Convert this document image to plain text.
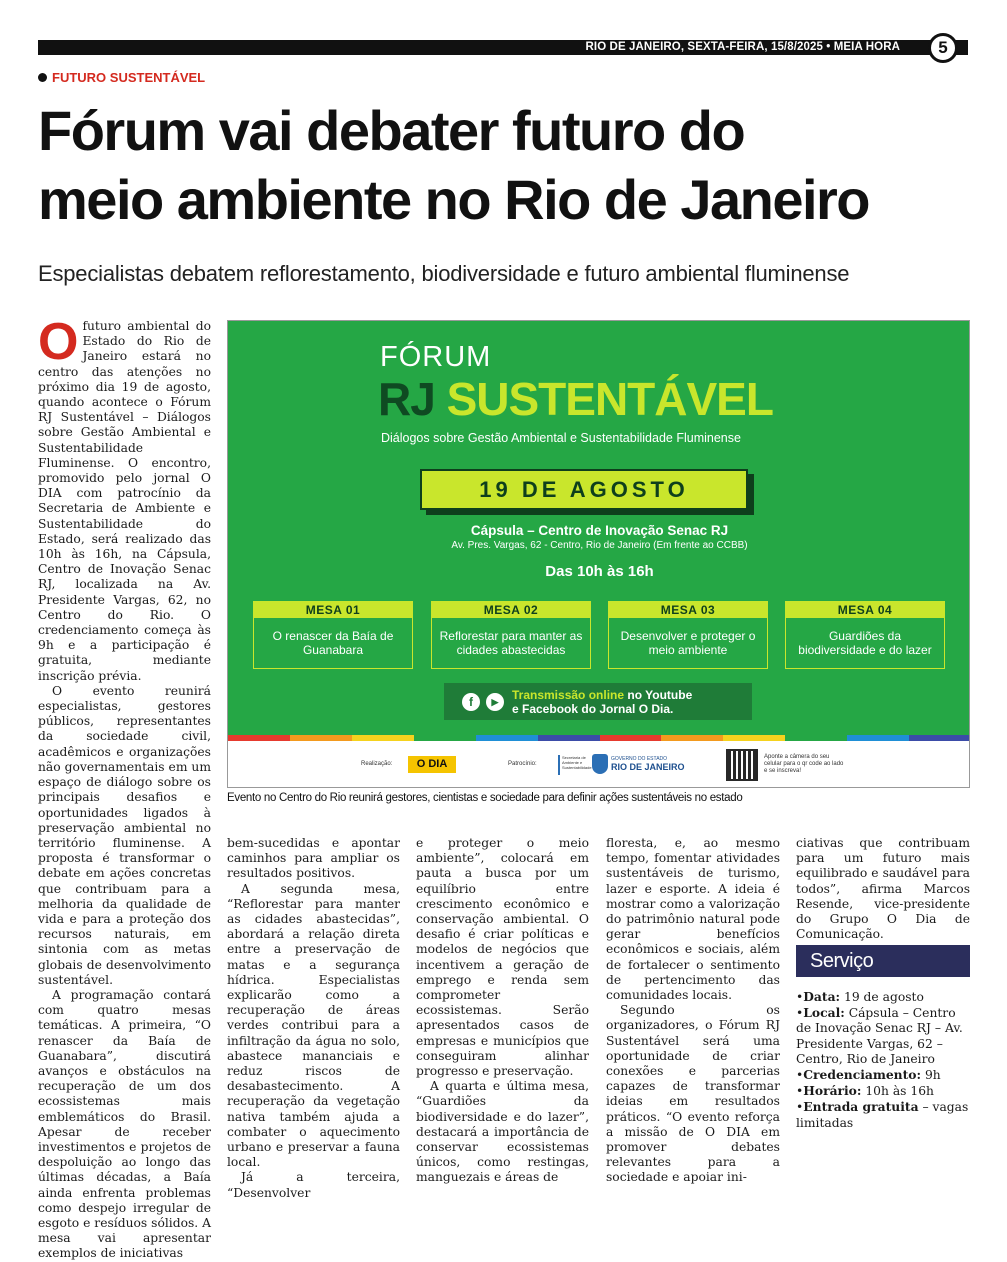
RIO DE JANEIRO, SEXTA-FEIRA, 15/8/2025 • MEIA HORA	5
FUTURO SUSTENTÁVEL
Fórum vai debater futuro do
meio ambiente no Rio de Janeiro
Especialistas debatem reflorestamento, biodiversidade e futuro ambiental fluminense

Ofuturo ambiental do Estado do Rio de Janeiro estará no centro das atenções no próximo dia 19 de agosto, quando acontece o Fórum RJ Sustentável – Diálogos sobre Gestão Ambiental e Sustentabilidade Fluminense. O encontro, promovido pelo jornal O DIA com patrocínio da Secretaria de Ambiente e Sustentabilidade do Estado, será realizado das 10h às 16h, na Cápsula, Centro de Inovação Senac RJ, localizada na Av. Presidente Vargas, 62, no Centro do Rio. O credenciamento começa às 9h e a participação é gratuita, mediante inscrição prévia.

O evento reunirá especialistas, gestores públicos, representantes da sociedade civil, acadêmicos e organizações não governamentais em um espaço de diálogo sobre os principais desafios e oportunidades ligados à preservação ambiental no território fluminense. A proposta é transformar o debate em ações concretas que contribuam para a melhoria da qualidade de vida e para a proteção dos recursos naturais, em sintonia com as metas globais de desenvolvimento sustentável.

A programação contará com quatro mesas temáticas. A primeira, “O renascer da Baía de Guanabara”, discutirá avanços e obstáculos na recuperação de um dos ecossistemas mais emblemáticos do Brasil. Apesar de receber investimentos e projetos de despoluição ao longo das últimas décadas, a Baía ainda enfrenta problemas como despejo irregular de esgoto e resíduos sólidos. A mesa vai apresentar exemplos de iniciativas

FÓRUM
RJ SUSTENTÁVEL
Diálogos sobre Gestão Ambiental e Sustentabilidade Fluminense
19 DE AGOSTO
Cápsula – Centro de Inovação Senac RJ
Av. Pres. Vargas, 62 - Centro, Rio de Janeiro (Em frente ao CCBB)
Das 10h às 16h
MESA 01
O renascer da Baía de Guanabara
MESA 02
Reflorestar para manter as cidades abastecidas
MESA 03
Desenvolver e proteger o meio ambiente
MESA 04
Guardiões da biodiversidade e do lazer
f	▶	Transmissão online no Youtube
e Facebook do Jornal O Dia.
Realização:	O DIA	Patrocínio:
Secretaria de Ambiente e Sustentabilidade
GOVERNO DO ESTADO
RIO DE JANEIRO
Aponte a câmera do seu celular para o qr code ao lado e se inscreva!
Evento no Centro do Rio reunirá gestores, cientistas e sociedade para definir ações sustentáveis no estado

bem-sucedidas e apontar caminhos para ampliar os resultados positivos.

A segunda mesa, “Reflorestar para manter as cidades abastecidas”, abordará a relação direta entre a preservação de matas e a segurança hídrica. Especialistas explicarão como a recuperação de áreas verdes contribui para a infiltração da água no solo, abastece mananciais e reduz riscos de desabastecimento. A recuperação da vegetação nativa também ajuda a combater o aquecimento urbano e preservar a fauna local.

Já a terceira, “Desenvolver

e proteger o meio ambiente”, colocará em pauta a busca por um equilíbrio entre crescimento econômico e conservação ambiental. O desafio é criar políticas e modelos de negócios que incentivem a geração de emprego e renda sem comprometer ecossistemas. Serão apresentados casos de empresas e municípios que conseguiram alinhar progresso e preservação.

A quarta e última mesa, “Guardiões da biodiversidade e do lazer”, destacará a importância de conservar ecossistemas únicos, como restingas, manguezais e áreas de

floresta, e, ao mesmo tempo, fomentar atividades sustentáveis de turismo, lazer e esporte. A ideia é mostrar como a valorização do patrimônio natural pode gerar benefícios econômicos e sociais, além de fortalecer o sentimento de pertencimento das comunidades locais.

Segundo os organizadores, o Fórum RJ Sustentável será uma oportunidade de criar conexões e parcerias capazes de transformar ideias em resultados práticos. “O evento reforça a missão de O DIA em promover debates relevantes para a sociedade e apoiar ini-

ciativas que contribuam para um futuro mais equilibrado e saudável para todos”, afirma Marcos Resende, vice-presidente do Grupo O Dia de Comunicação.

Serviço
•Data: 19 de agosto
•Local: Cápsula – Centro de Inovação Senac RJ – Av. Presidente Vargas, 62 – Centro, Rio de Janeiro
•Credenciamento: 9h
•Horário: 10h às 16h
•Entrada gratuita – vagas limitadas
